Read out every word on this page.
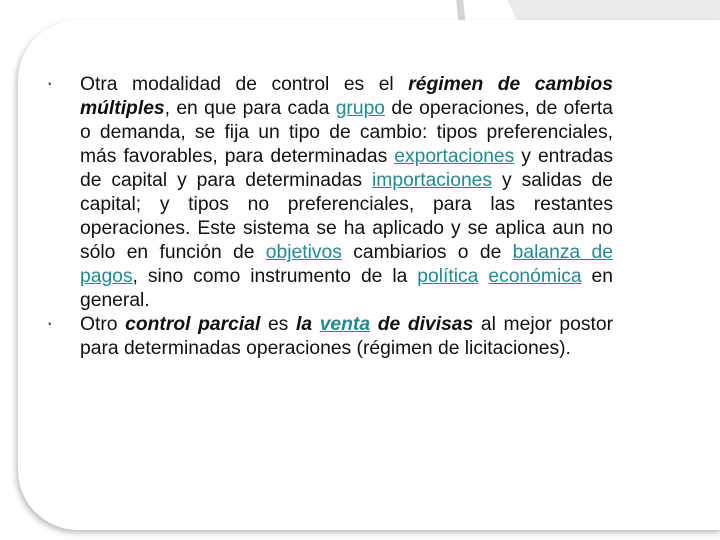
▪ Otra modalidad de control es el régimen de cambios múltiples, en que para cada grupo de operaciones, de oferta o demanda, se fija un tipo de cambio: tipos preferenciales, más favorables, para determinadas exportaciones y entradas de capital y para determinadas importaciones y salidas de capital; y tipos no preferenciales, para las restantes operaciones. Este sistema se ha aplicado y se aplica aun no sólo en función de objetivos cambiarios o de balanza de pagos, sino como instrumento de la política económica en general.

▪ Otro control parcial es la venta de divisas al mejor postor para determinadas operaciones (régimen de licitaciones).
